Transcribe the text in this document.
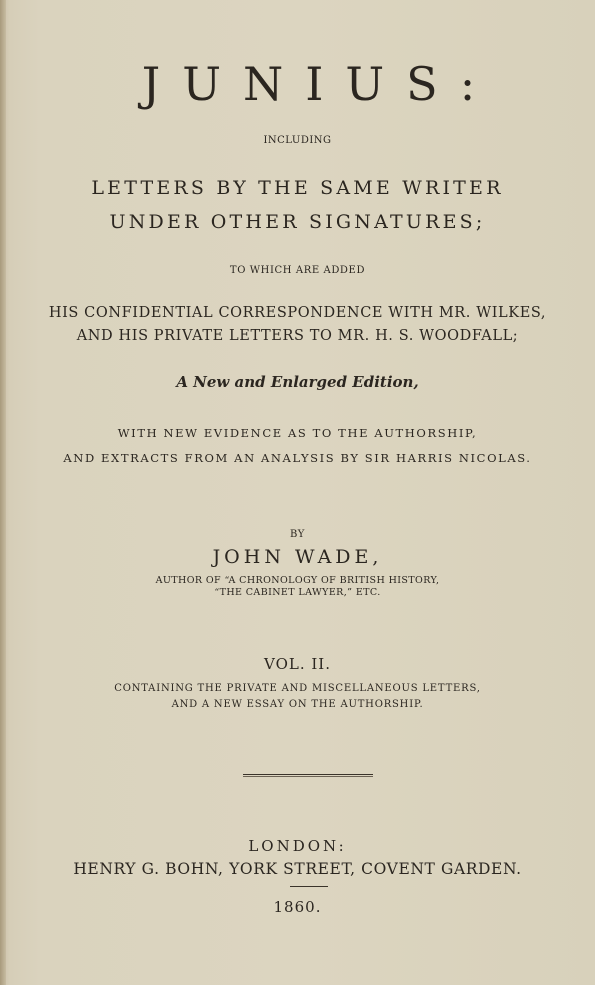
JUNIUS:

INCLUDING

LETTERS BY THE SAME WRITER

UNDER OTHER SIGNATURES;

TO WHICH ARE ADDED

HIS CONFIDENTIAL CORRESPONDENCE WITH MR. WILKES,

AND HIS PRIVATE LETTERS TO MR. H. S. WOODFALL;

A New and Enlarged Edition,

WITH NEW EVIDENCE AS TO THE AUTHORSHIP,

AND EXTRACTS FROM AN ANALYSIS BY SIR HARRIS NICOLAS.

BY

JOHN WADE,

AUTHOR OF “A CHRONOLOGY OF BRITISH HISTORY,

“THE CABINET LAWYER,” ETC.

VOL. II.

CONTAINING THE PRIVATE AND MISCELLANEOUS LETTERS,

AND A NEW ESSAY ON THE AUTHORSHIP.

LONDON:

HENRY G. BOHN, YORK STREET, COVENT GARDEN.

1860.
